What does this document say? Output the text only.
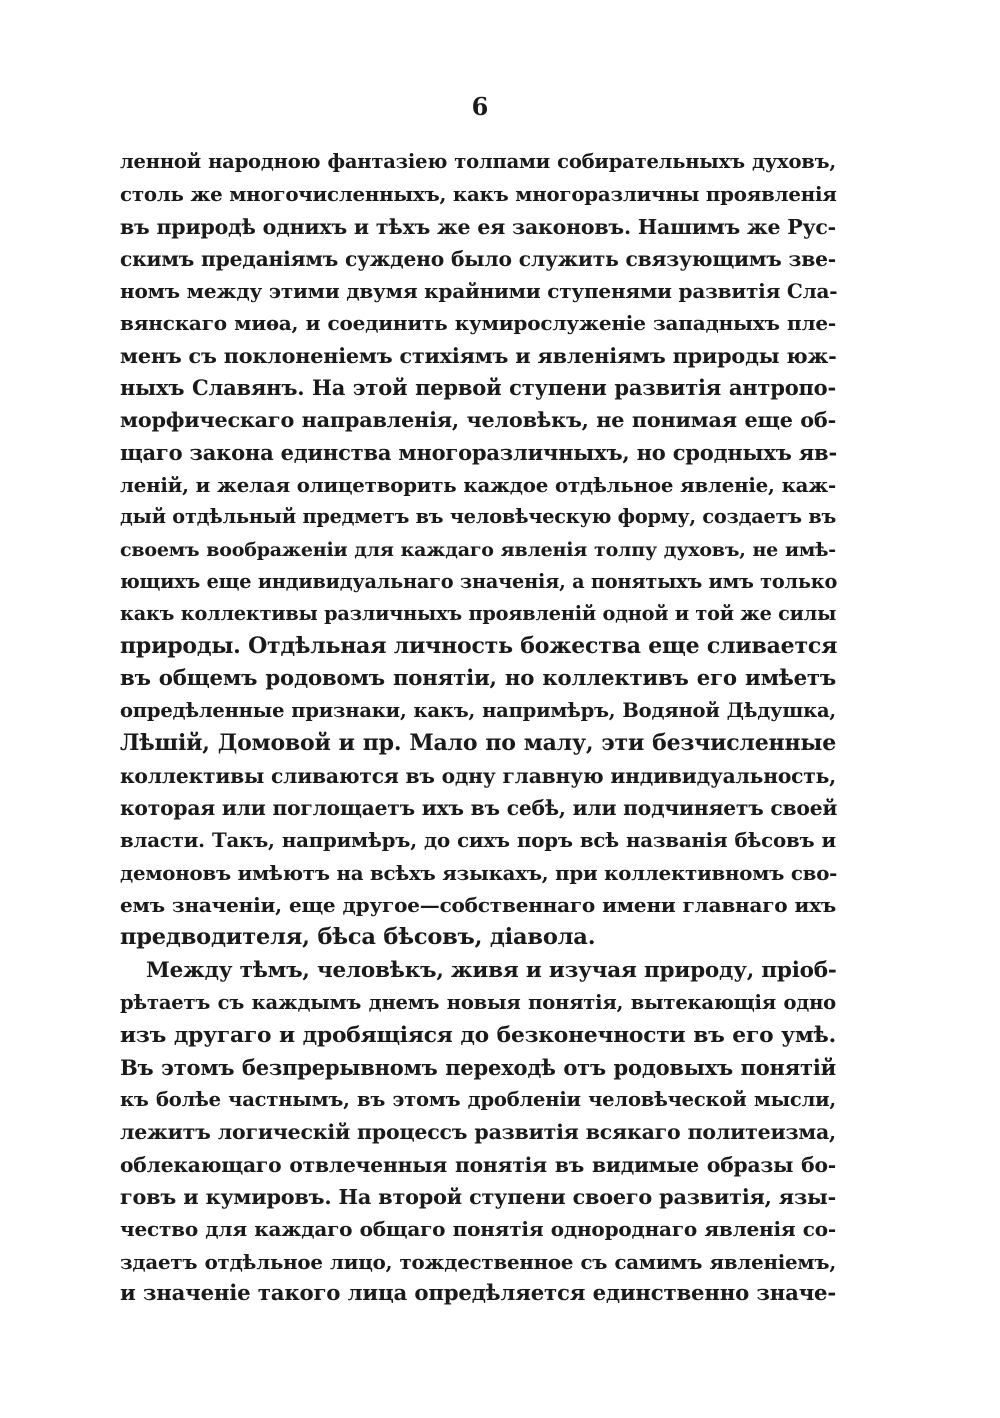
6
ленной народною фантазіею толпами собирательныхъ духовъ,
столь же многочисленныхъ, какъ многоразличны проявленія
въ природѣ однихъ и тѣхъ же ея законовъ. Нашимъ же Рус-
скимъ преданіямъ суждено было служить связующимъ зве-
номъ между этими двумя крайними ступенями развитія Сла-
вянскаго миѳа, и соединить кумирослуженіе западныхъ пле-
менъ съ поклоненіемъ стихіямъ и явленіямъ природы юж-
ныхъ Славянъ. На этой первой ступени развитія антропо-
морфическаго направленія, человѣкъ, не понимая еще об-
щаго закона единства многоразличныхъ, но сродныхъ яв-
леній, и желая олицетворить каждое отдѣльное явленіе, каж-
дый отдѣльный предметъ въ человѣческую форму, создаетъ въ
своемъ воображеніи для каждаго явленія толпу духовъ, не имѣ-
ющихъ еще индивидуальнаго значенія, а понятыхъ имъ только
какъ коллективы различныхъ проявленій одной и той же силы
природы. Отдѣльная личность божества еще сливается
въ общемъ родовомъ понятіи, но коллективъ его имѣетъ
опредѣленные признаки, какъ, напримѣръ, Водяной Дѣдушка,
Лѣшій, Домовой и пр. Мало по малу, эти безчисленные
коллективы сливаются въ одну главную индивидуальность,
которая или поглощаетъ ихъ въ себѣ, или подчиняетъ своей
власти. Такъ, напримѣръ, до сихъ поръ всѣ названія бѣсовъ и
демоновъ имѣютъ на всѣхъ языкахъ, при коллективномъ сво-
емъ значеніи, еще другое—собственнаго имени главнаго ихъ
предводителя, бѣса бѣсовъ, діавола.
Между тѣмъ, человѣкъ, живя и изучая природу, пріоб-
рѣтаетъ съ каждымъ днемъ новыя понятія, вытекающія одно
изъ другаго и дробящіяся до безконечности въ его умѣ.
Въ этомъ безпрерывномъ переходѣ отъ родовыхъ понятій
къ болѣе частнымъ, въ этомъ дробленіи человѣческой мысли,
лежитъ логическій процессъ развитія всякаго политеизма,
облекающаго отвлеченныя понятія въ видимые образы бо-
говъ и кумировъ. На второй ступени своего развитія, язы-
чество для каждаго общаго понятія однороднаго явленія со-
здаетъ отдѣльное лицо, тождественное съ самимъ явленіемъ,
и значеніе такого лица опредѣляется единственно значе-
